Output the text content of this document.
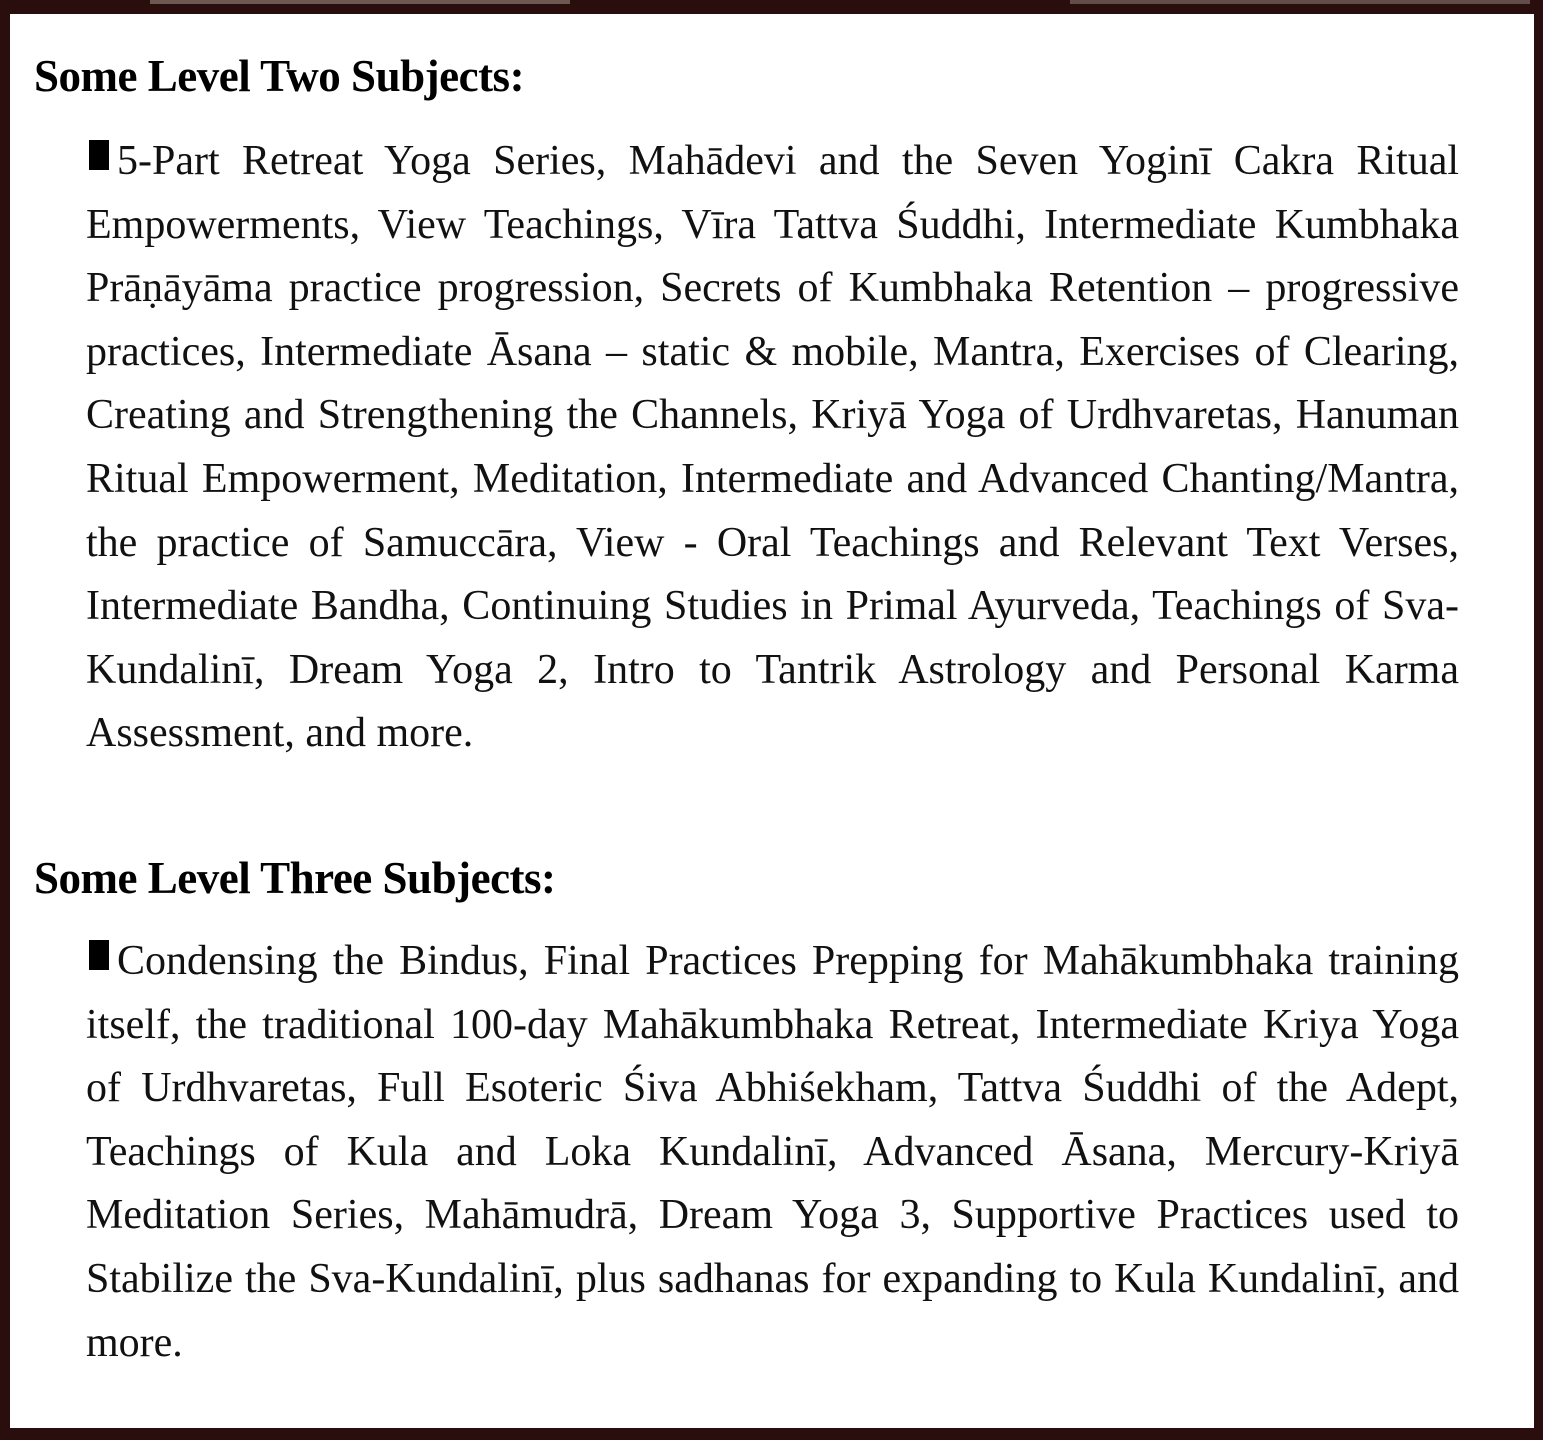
Some Level Two Subjects:

5-Part Retreat Yoga Series, Mahādevi and the Seven Yoginī Cakra Ritual Empowerments, View Teachings, Vīra Tattva Śuddhi, Intermediate Kumbhaka Prāṇāyāma practice progression, Secrets of Kumbhaka Retention – progressive practices, Intermediate Āsana – static & mobile, Mantra, Exercises of Clearing, Creating and Strengthening the Channels, Kriyā Yoga of Urdhvaretas, Hanuman Ritual Empowerment, Meditation, Intermediate and Advanced Chanting/Mantra, the practice of Samuccāra, View - Oral Teachings and Relevant Text Verses, Intermediate Bandha, Continuing Studies in Primal Ayurveda, Teachings of Sva-Kundalinī, Dream Yoga 2, Intro to Tantrik Astrology and Personal Karma Assessment, and more.

Some Level Three Subjects:

Condensing the Bindus, Final Practices Prepping for Mahākumbhaka training itself, the traditional 100-day Mahākumbhaka Retreat, Intermediate Kriya Yoga of Urdhvaretas, Full Esoteric Śiva Abhiśekham, Tattva Śuddhi of the Adept, Teachings of Kula and Loka Kundalinī, Advanced Āsana, Mercury-Kriyā Meditation Series, Mahāmudrā, Dream Yoga 3, Supportive Practices used to Stabilize the Sva-Kundalinī, plus sadhanas for expanding to Kula Kundalinī, and more.
